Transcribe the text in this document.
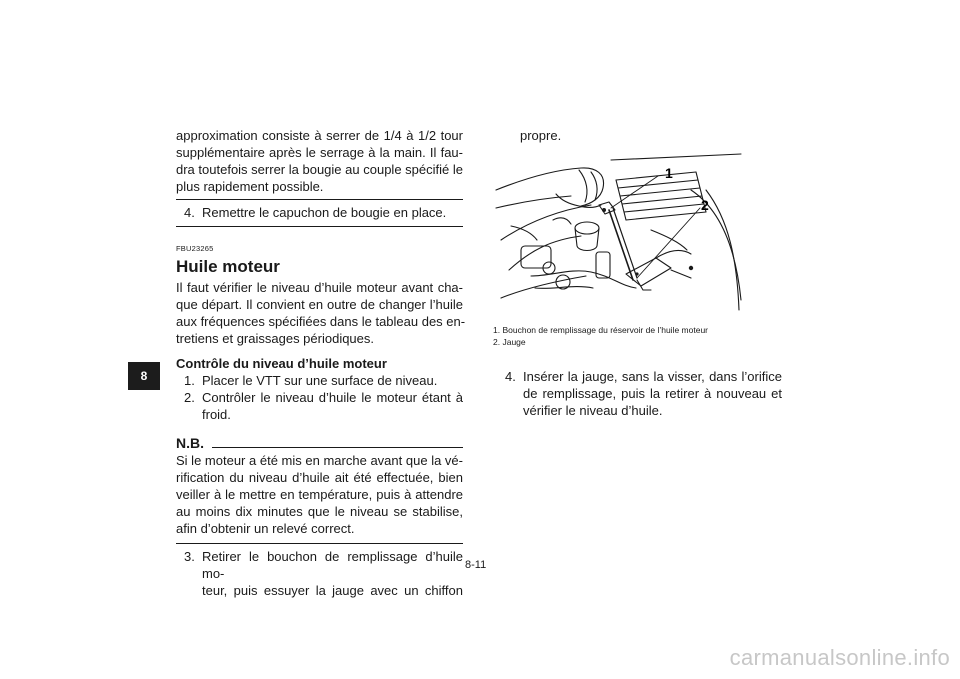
8
approximation consiste à serrer de 1/4 à 1/2 tour
supplémentaire après le serrage à la main. Il fau-
dra toutefois serrer la bougie au couple spécifié le
plus rapidement possible.
4. Remettre le capuchon de bougie en place.
FBU23265
Huile moteur
Il faut vérifier le niveau d’huile moteur avant cha-
que départ. Il convient en outre de changer l’huile
aux fréquences spécifiées dans le tableau des en-
tretiens et graissages périodiques.
Contrôle du niveau d’huile moteur
1. Placer le VTT sur une surface de niveau.
2. Contrôler le niveau d’huile le moteur étant à
froid.
N.B.
Si le moteur a été mis en marche avant que la vé-
rification du niveau d’huile ait été effectuée, bien
veiller à le mettre en température, puis à attendre
au moins dix minutes que le niveau se stabilise,
afin d’obtenir un relevé correct.
3. Retirer le bouchon de remplissage d’huile mo-
teur, puis essuyer la jauge avec un chiffon
propre.
1
2
1. Bouchon de remplissage du réservoir de l’huile moteur
2. Jauge
4. Insérer la jauge, sans la visser, dans l’orifice
de remplissage, puis la retirer à nouveau et
vérifier le niveau d’huile.
8-11
carmanualsonline.info
